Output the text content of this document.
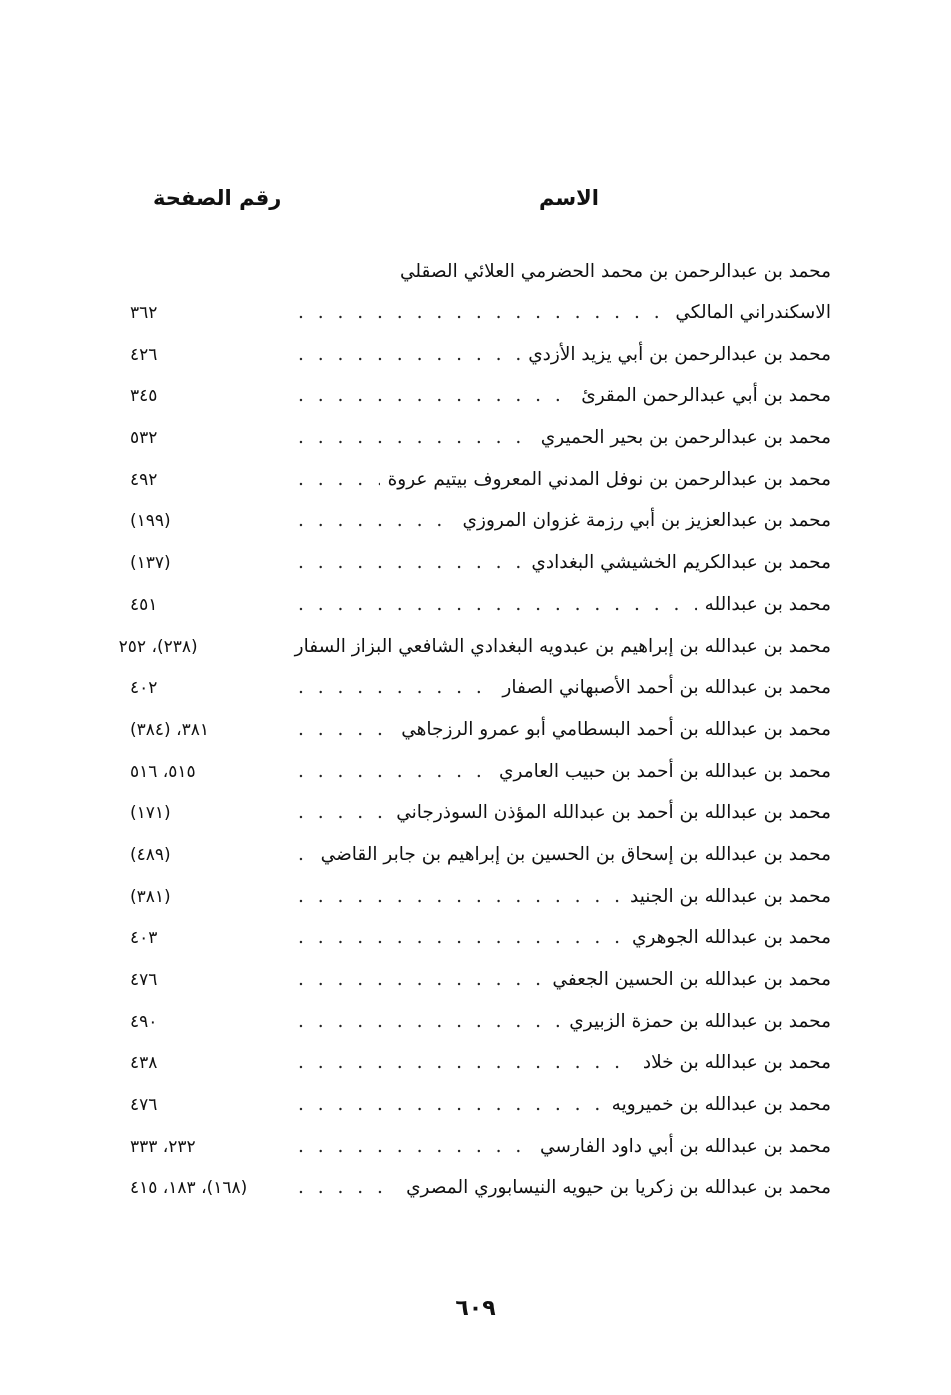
الاسم
رقم الصفحة
محمد بن عبدالرحمن بن محمد الحضرمي العلائي الصقلي
الاسكندراني المالكي
. . .
٣٦٢
محمد بن عبدالرحمن بن أبي يزيد الأزدي
. . .
٤٢٦
محمد بن أبي عبدالرحمن المقرئ
. . .
٣٤٥
محمد بن عبدالرحمن بن بحير الحميري
. . .
٥٣٢
محمد بن عبدالرحمن بن نوفل المدني المعروف بيتيم عروة
. . .
٤٩٢
محمد بن عبدالعزيز بن أبي رزمة غزوان المروزي
. . .
(١٩٩)
محمد بن عبدالكريم الخشيشي البغدادي
. . .
(١٣٧)
محمد بن عبدالله
. . .
٤٥١
محمد بن عبدالله بن إبراهيم بن عبدويه البغدادي الشافعي البزاز السفار
(٢٣٨)، ٢٥٢
محمد بن عبدالله بن أحمد الأصبهاني الصفار
. . .
٤٠٢
محمد بن عبدالله بن أحمد البسطامي أبو عمرو الرزجاهي
. . .
٣٨١، (٣٨٤)
محمد بن عبدالله بن أحمد بن حبيب العامري
. . .
٥١٥، ٥١٦
محمد بن عبدالله بن أحمد بن عبدالله المؤذن السوذرجاني
. . .
(١٧١)
محمد بن عبدالله بن إسحاق بن الحسين بن إبراهيم بن جابر القاضي
. . .
(٤٨٩)
محمد بن عبدالله بن الجنيد
. . .
(٣٨١)
محمد بن عبدالله الجوهري
. . .
٤٠٣
محمد بن عبدالله بن الحسين الجعفي
. . .
٤٧٦
محمد بن عبدالله بن حمزة الزبيري
. . .
٤٩٠
محمد بن عبدالله بن خلاد
. . .
٤٣٨
محمد بن عبدالله بن خميرويه
. . .
٤٧٦
محمد بن عبدالله بن أبي داود الفارسي
. . .
٢٣٢، ٣٣٣
محمد بن عبدالله بن زكريا بن حيويه النيسابوري المصري
. . .
(١٦٨)، ١٨٣، ٤١٥
٦٠٩
